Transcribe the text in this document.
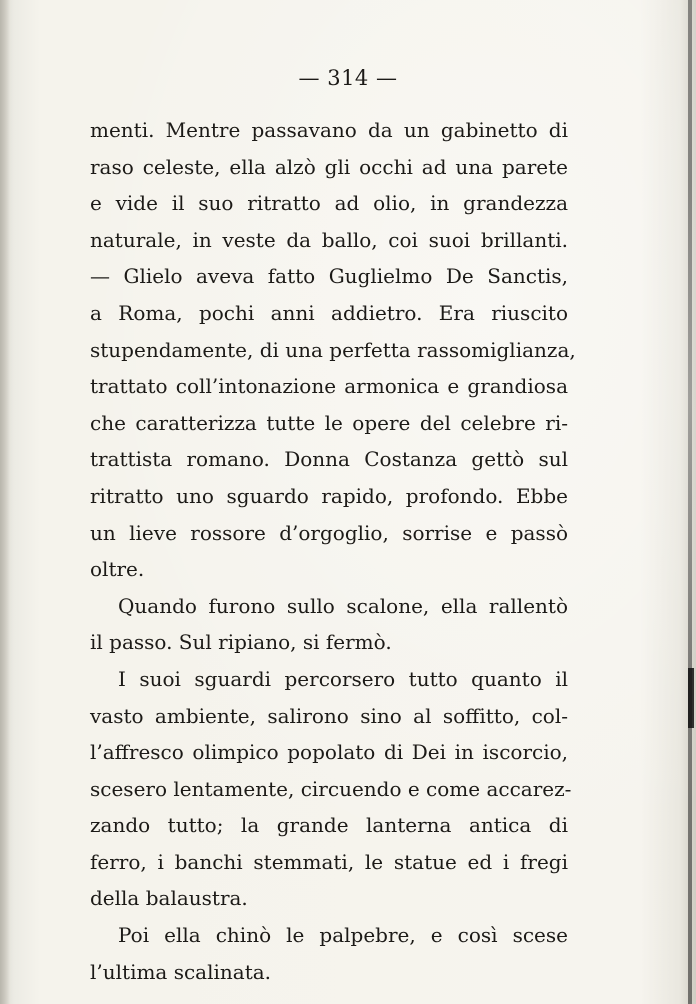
— 314 —
menti. Mentre passavano da un gabinetto di
raso celeste, ella alzò gli occhi ad una parete
e vide il suo ritratto ad olio, in grandezza
naturale, in veste da ballo, coi suoi brillanti.
— Glielo aveva fatto Guglielmo De Sanctis,
a Roma, pochi anni addietro. Era riuscito
stupendamente, di una perfetta rassomiglianza,
trattato coll’intonazione armonica e grandiosa
che caratterizza tutte le opere del celebre ri-
trattista romano. Donna Costanza gettò sul
ritratto uno sguardo rapido, profondo. Ebbe
un lieve rossore d’orgoglio, sorrise e passò
oltre.
Quando furono sullo scalone, ella rallentò
il passo. Sul ripiano, si fermò.
I suoi sguardi percorsero tutto quanto il
vasto ambiente, salirono sino al soffitto, col-
l’affresco olimpico popolato di Dei in iscorcio,
scesero lentamente, circuendo e come accarez-
zando tutto; la grande lanterna antica di
ferro, i banchi stemmati, le statue ed i fregi
della balaustra.
Poi ella chinò le palpebre, e così scese
l’ultima scalinata.
